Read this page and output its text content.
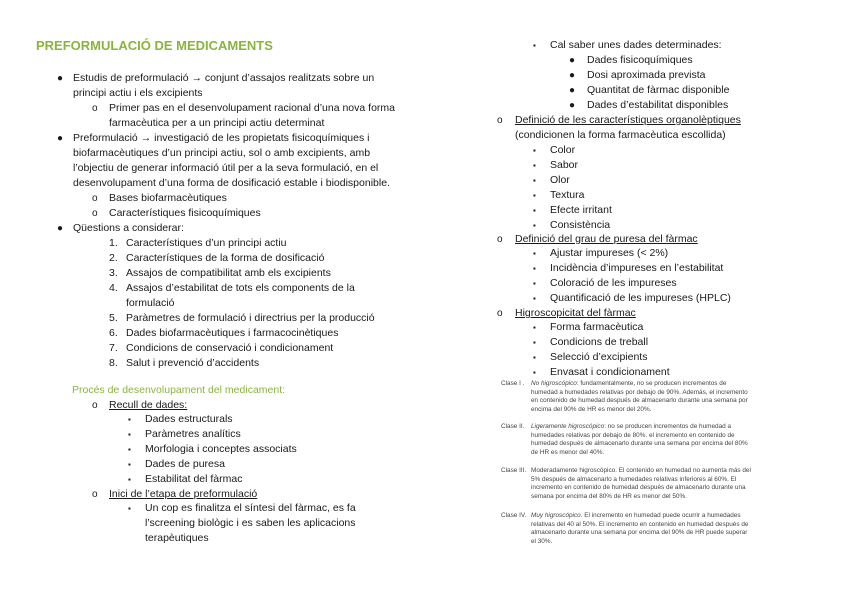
PREFORMULACIÓ DE MEDICAMENTS
● Estudis de preformulació → conjunt d’assajos realitzats sobre un
principi actiu i els excipients
o Primer pas en el desenvolupament racional d’una nova forma
farmacèutica per a un principi actiu determinat
● Preformulació → investigació de les propietats fisicoquímiques i
biofarmacèutiques d’un principi actiu, sol o amb excipients, amb
l’objectiu de generar informació útil per a la seva formulació, en el
desenvolupament d’una forma de dosificació estable i biodisponible.
o Bases biofarmacèutiques
o Característiques fisicoquímiques
● Qüestions a considerar:
1. Característiques d’un principi actiu
2. Característiques de la forma de dosificació
3. Assajos de compatibilitat amb els excipients
4. Assajos d’estabilitat de tots els components de la
formulació
5. Paràmetres de formulació i directrius per la producció
6. Dades biofarmacèutiques i farmacocinètiques
7. Condicions de conservació i condicionament
8. Salut i prevenció d’accidents
Procés de desenvolupament del medicament:
o Recull de dades:
▪ Dades estructurals
▪ Paràmetres analítics
▪ Morfologia i conceptes associats
▪ Dades de puresa
▪ Estabilitat del fàrmac
o Inici de l’etapa de preformulació
▪ Un cop es finalitza el síntesi del fàrmac, es fa
l’screening biològic i es saben les aplicacions
terapèutiques
▪ Cal saber unes dades determinades:
● Dades fisicoquímiques
● Dosi aproximada prevista
● Quantitat de fàrmac disponible
● Dades d’estabilitat disponibles
o Definició de les característiques organolèptiques
(condicionen la forma farmacèutica escollida)
▪ Color
▪ Sabor
▪ Olor
▪ Textura
▪ Efecte irritant
▪ Consistència
o Definició del grau de puresa del fàrmac
▪ Ajustar impureses (< 2%)
▪ Incidència d’impureses en l’estabilitat
▪ Coloració de les impureses
▪ Quantificació de les impureses (HPLC)
o Higroscopicitat del fàrmac
▪ Forma farmacèutica
▪ Condicions de treball
▪ Selecció d’excipients
▪ Envasat i condicionament
Clase I . No higroscópico: fundamentalmente, no se producen incrementos de humedad a humedades relativas por debajo de 90%. Además, el incremento en contenido de humedad después de almacenarlo durante una semana por encima del 90% de HR es menor del 20%.
Clase II. Ligeramente higroscópico: no se producen incrementos de humedad a humedades relativas por debajo de 80%. el incremento en contenido de humedad después de almacenarlo durante una semana por encima del 80% de HR es menor del 40%.
Clase III. Moderadamente higroscópico. El contenido en humedad no aumenta más del 5% después de almacenarlo a humedades relativas inferiores al 60%. El incremento en contenido de humedad después de almacenarlo durante una semana por encima del 80% de HR es menor del 50%.
Clase IV. Muy higroscópico. El incremento en humedad puede ocurrir a humedades relativas del 40 al 50%. El incremento en contenido en humedad después de almacenarlo durante una semana por encima del 90% de HR puede superar el 30%.
